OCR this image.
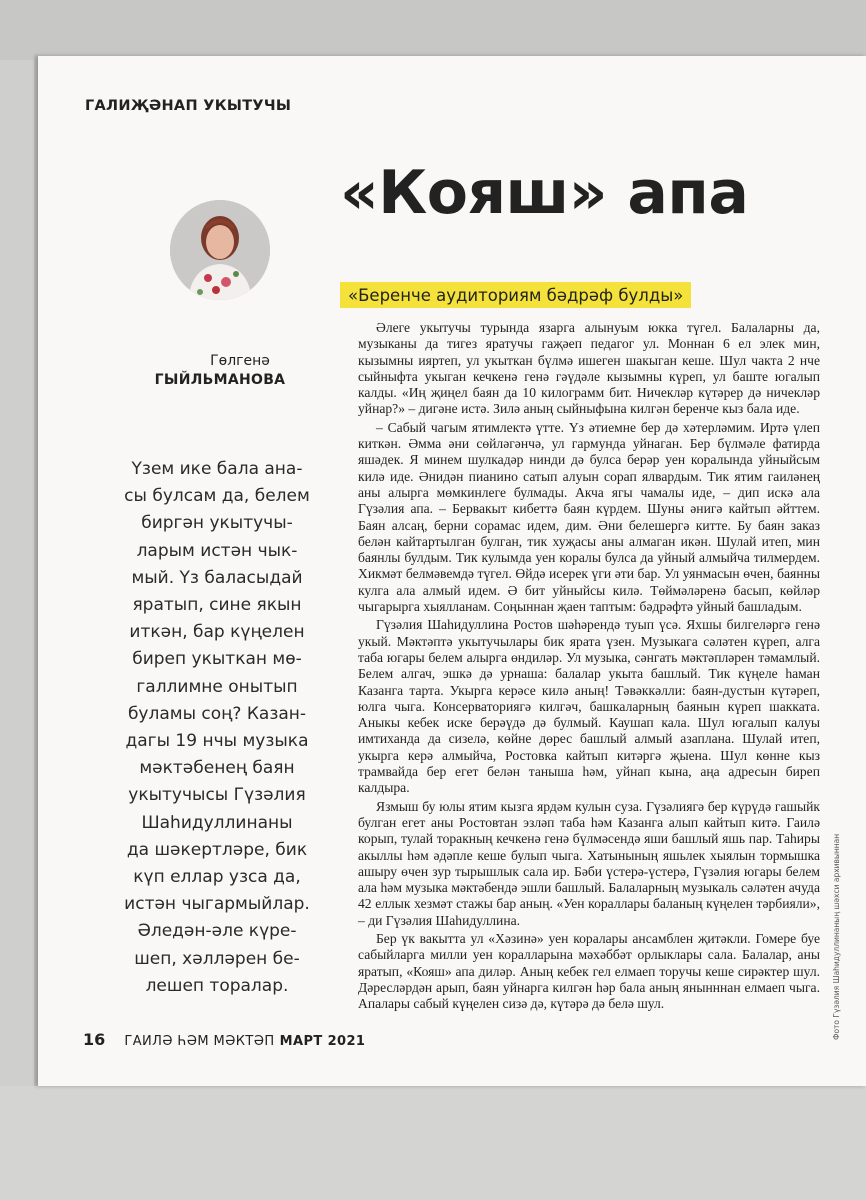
ГАЛИҖӘНАП УКЫТУЧЫ
«Кояш» апа
«Беренче аудиториям бәдрәф булды»
Гөлгенә
ГЫЙЛЬМАНОВА
Үзем ике бала ана-
сы булсам да, белем
биргән укытучы-
ларым истән чык-
мый. Үз баласыдай
яратып, сине якын
иткән, бар күңелен
биреп укыткан мө-
галлимне онытып
буламы соң? Казан-
дагы 19 нчы музыка
мәктәбенең баян
укытучысы Гүзәлия
Шаһидуллинаны
да шәкертләре, бик
күп еллар узса да,
истән чыгармыйлар.
Әледән-әле күре-
шеп, хәлләрен бе-
лешеп торалар.

Әлеге укытучы турында язарга алынуым юкка түгел. Балаларны да, музыканы да тигез яратучы гаҗәеп педагог ул. Моннан 6 ел элек мин, кызымны ияртеп, ул укыткан бүлмә ишеген шакыган кеше. Шул чакта 2 нче сыйныфта укыган кечкенә генә гәүдәле кызымны күреп, ул баште югалып калды. «Иң җиңел баян да 10 килограмм бит. Ничекләр күтәрер дә ничекләр уйнар?» – дигәне истә. Зилә аның сыйныфына килгән беренче кыз бала иде.

– Сабый чагым ятимлектә үтте. Үз әтиемне бер дә хәтерләмим. Иртә үлеп киткән. Әмма әни сөйләгәнчә, ул гармунда уйнаган. Бер бүлмәле фатирда яшәдек. Я минем шулкадәр нинди дә булса берәр уен коралында уйныйсым килә иде. Әнидән пианино сатып алуын сорап ялвардым. Тик ятим гаиләнең аны алырга мөмкинлеге булмады. Акча ягы чамалы иде, – дип искә ала Гүзәлия апа. – Бервакыт кибеттә баян күрдем. Шуны әнигә кайтып әйттем. Баян алсаң, берни сорамас идем, дим. Әни белешергә китте. Бу баян заказ белән кайтартылган булган, тик хуҗасы аны алмаган икән. Шулай итеп, мин баянлы булдым. Тик кулымда уен коралы булса да уйный алмыйча тилмердем. Хикмәт белмәвемдә түгел. Өйдә исерек үги әти бар. Ул уянмасын өчен, баянны кулга ала алмый идем. Ә бит уйныйсы килә. Төймәләренә басып, көйләр чыгарырга хыялланам. Соңыннан җаен таптым: бәдрәфтә уйный башладым.

Гүзәлия Шаһидуллина Ростов шәһәрендә туып үсә. Яхшы билгеләргә генә укый. Мәктәптә укытучылары бик ярата үзен. Музыкага сәләтен күреп, алга таба югары белем алырга өндиләр. Ул музыка, сәнгать мәктәпләрен тәмамлый. Белем алгач, эшкә дә урнаша: балалар укыта башлый. Тик күңеле һаман Казанга тарта. Укырга керәсе килә аның! Тәвәккәлли: баян-дустын күтәреп, юлга чыга. Консерваториягә килгәч, башкаларның баянын күреп шакката. Аныкы кебек иске берәүдә дә булмый. Каушап кала. Шул югалып калуы имтиханда да сизелә, көйне дөрес башлый алмый азаплана. Шулай итеп, укырга керә алмыйча, Ростовка кайтып китәргә җыена. Шул көнне кыз трамвайда бер егет белән таныша һәм, уйнап кына, аңа адресын биреп калдыра.

Язмыш бу юлы ятим кызга ярдәм кулын суза. Гүзәлиягә бер күрүдә гашыйк булган егет аны Ростовтан эзләп таба һәм Казанга алып кайтып китә. Гаилә корып, тулай торакның кечкенә генә бүлмәсендә яши башлый яшь пар. Таһиры акыллы һәм әдәпле кеше булып чыга. Хатынының яшьлек хыялын тормышка ашыру өчен зур тырышлык сала ир. Бәби үстерә-үстерә, Гүзәлия югары белем ала һәм музыка мәктәбендә эшли башлый. Балаларның музыкаль сәләтен ачуда 42 еллык хезмәт стажы бар аның. «Уен кораллары баланың күңелен тәрбияли», – ди Гүзәлия Шаһидуллина.

Бер үк вакытта ул «Хәзинә» уен коралары ансамблен җитәкли. Гомере буе сабыйларга милли уен коралларына мәхәббәт орлыклары сала. Балалар, аны яратып, «Кояш» апа диләр. Аның кебек гел елмаеп торучы кеше сирәктер шул. Дәресләрдән арып, баян уйнарга килгән һәр бала аның янынннан елмаеп чыга. Апалары сабый күңелен сизә дә, күтәрә дә белә шул.

16 ГАИЛӘ ҺӘМ МӘКТӘП МАРТ 2021
Фото Гүзәлия Шаһидуллинаның шәхси архивыннан
